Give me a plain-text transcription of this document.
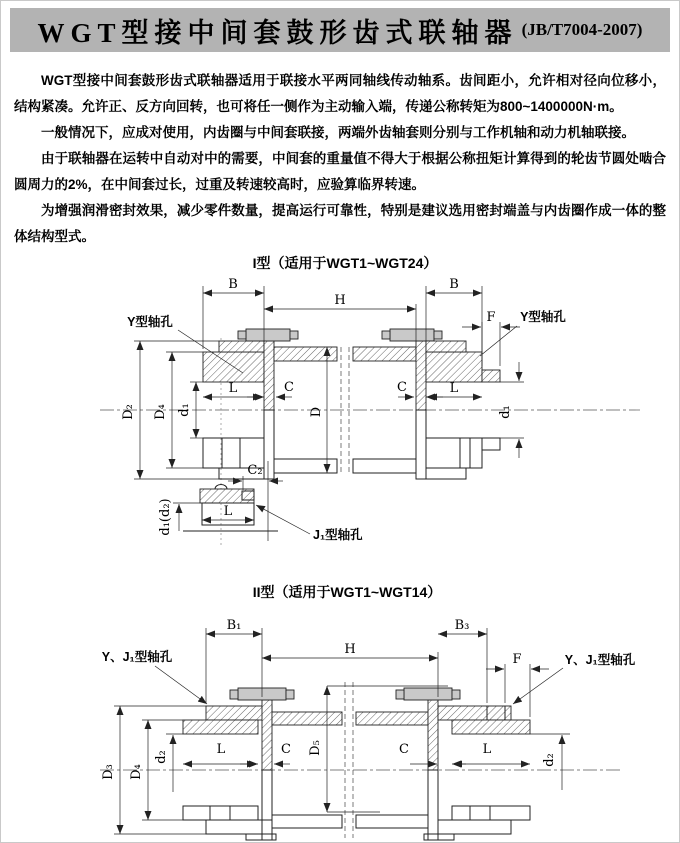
WGT型接中间套鼓形齿式联轴器 (JB/T7004-2007)

WGT型接中间套鼓形齿式联轴器适用于联接水平两同轴线传动轴系。齿间距小，允许相对径向位移小，结构紧凑。允许正、反方向回转，也可将任一侧作为主动输入端，传递公称转矩为800~1400000N·m。

一般情况下，应成对使用，内齿圈与中间套联接，两端外齿轴套则分别与工作机轴和动力机轴联接。

由于联轴器在运转中自动对中的需要，中间套的重量值不得大于根据公称扭矩计算得到的轮齿节圆处啮合圆周力的2%，在中间套过长，过重及转速较高时，应验算临界转速。

为增强润滑密封效果，减少零件数量，提高运行可靠性，特别是建议选用密封端盖与内齿圈作成一体的整体结构型式。

I型（适用于WGT1~WGT24）
B
H
B
F
L	C	C	L
D
D₂ D₄ d₁	d₁
Y型轴孔	Y型轴孔
C₂
L
d₁(d₂)	J₁型轴孔
II型（适用于WGT1~WGT14）
B₁
H
B₃
F
D₃ D₄
d₂	L	C	C	L
d₂
D₅
Y、J₁型轴孔	Y、J₁型轴孔
